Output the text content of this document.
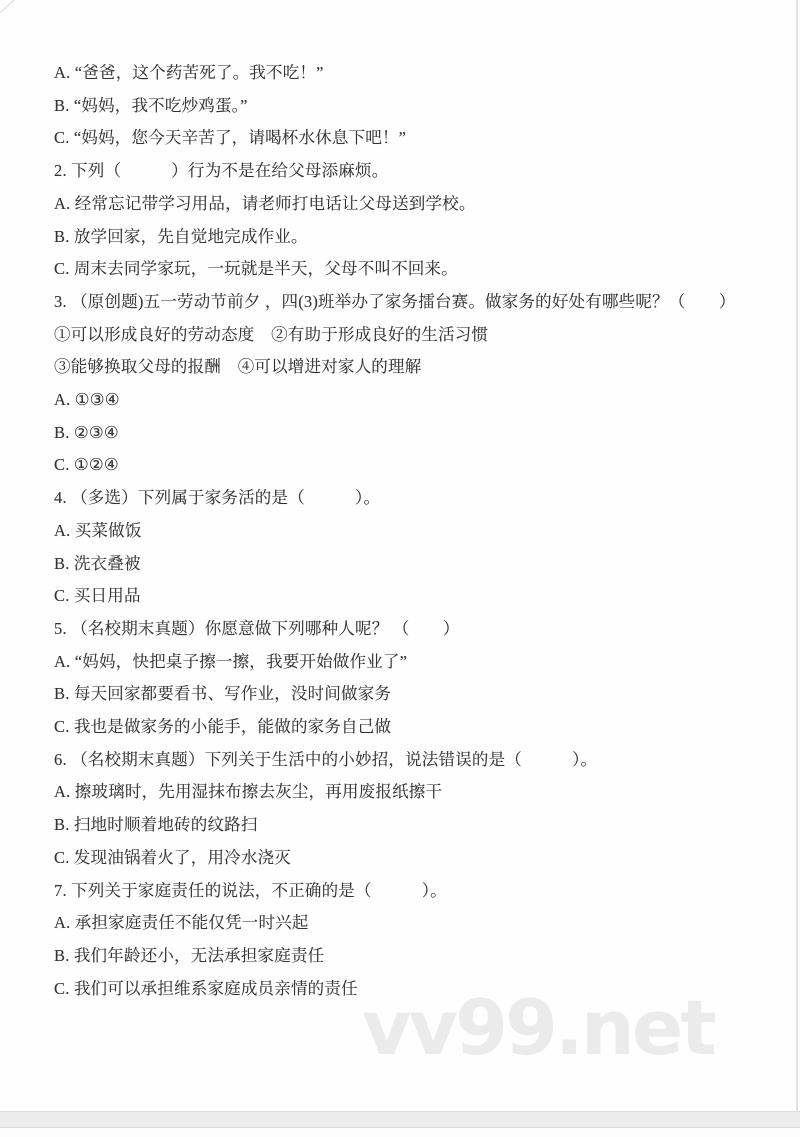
A. “爸爸，这个药苦死了。我不吃！”
B. “妈妈，我不吃炒鸡蛋。”
C. “妈妈，您今天辛苦了，请喝杯水休息下吧！”
2. 下列（　　　）行为不是在给父母添麻烦。
A. 经常忘记带学习用品，请老师打电话让父母送到学校。
B. 放学回家，先自觉地完成作业。
C. 周末去同学家玩，一玩就是半天，父母不叫不回来。
3. （原创题)五一劳动节前夕 ，四(3)班举办了家务擂台赛。做家务的好处有哪些呢？（　　）
①可以形成良好的劳动态度　②有助于形成良好的生活习惯
③能够换取父母的报酬　④可以增进对家人的理解
A. ①③④
B. ②③④
C. ①②④
4. （多选）下列属于家务活的是（　　　）。
A. 买菜做饭
B. 洗衣叠被
C. 买日用品
5. （名校期末真题）你愿意做下列哪种人呢？ （　　）
A. “妈妈，快把桌子擦一擦，我要开始做作业了”
B. 每天回家都要看书、写作业，没时间做家务
C. 我也是做家务的小能手，能做的家务自己做
6. （名校期末真题）下列关于生活中的小妙招，说法错误的是（　　　）。
A. 擦玻璃时，先用湿抹布擦去灰尘，再用废报纸擦干
B. 扫地时顺着地砖的纹路扫
C. 发现油锅着火了，用冷水浇灭
7. 下列关于家庭责任的说法，不正确的是（　　　）。
A. 承担家庭责任不能仅凭一时兴起
B. 我们年龄还小，无法承担家庭责任
C. 我们可以承担维系家庭成员亲情的责任 vv99.net
